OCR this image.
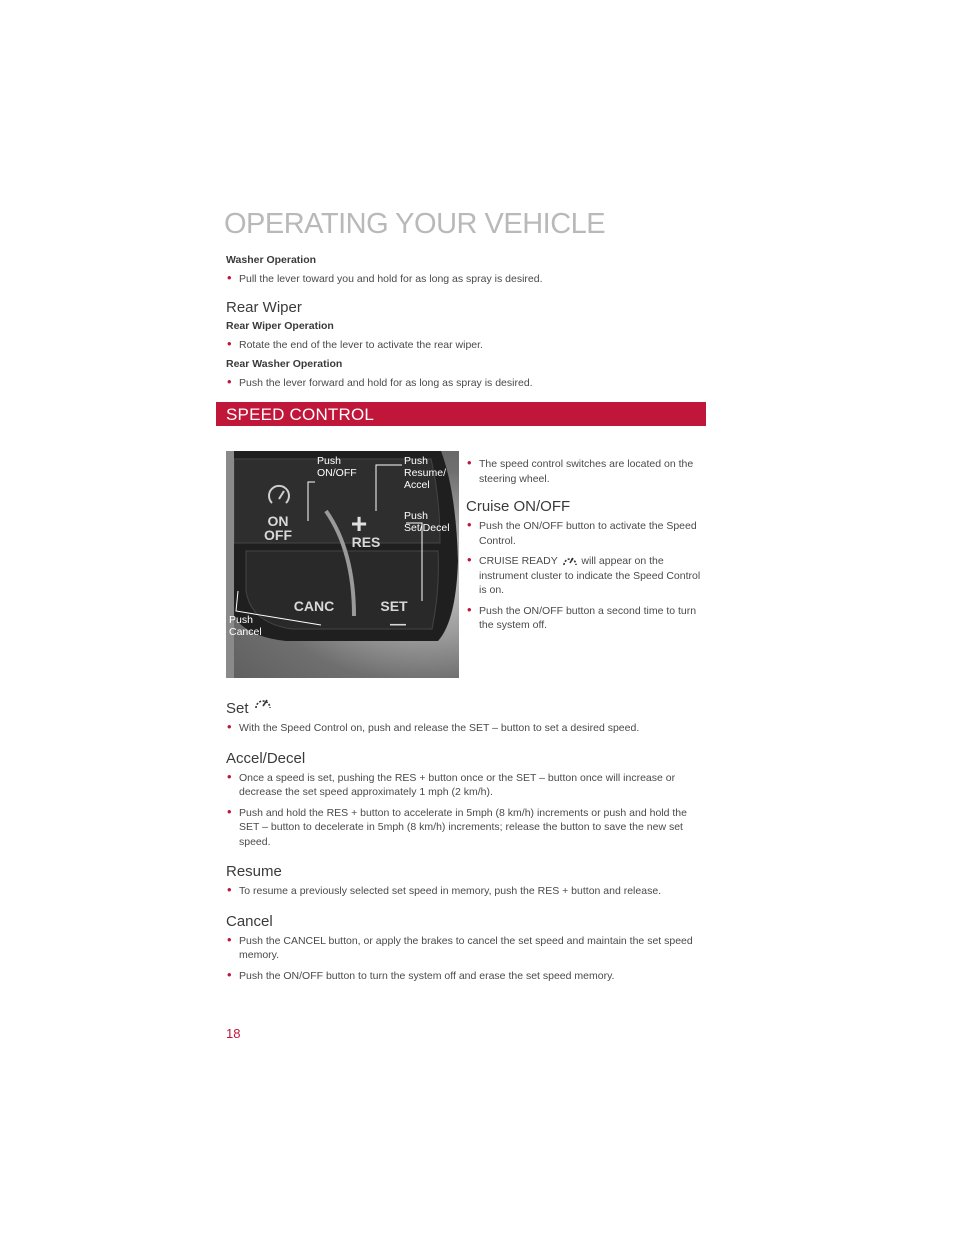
OPERATING YOUR VEHICLE
Washer Operation
• Pull the lever toward you and hold for as long as spray is desired.
Rear Wiper
Rear Wiper Operation
• Rotate the end of the lever to activate the rear wiper.
Rear Washer Operation
• Push the lever forward and hold for as long as spray is desired.
SPEED CONTROL
ON
OFF +
RES
CANC	SET
—
Push
ON/OFF
Push
Resume/
Accel
Push
Set/Decel
Push
Cancel
• The speed control switches are located on the steering wheel.
Cruise ON/OFF
• Push the ON/OFF button to activate the Speed Control.
• CRUISE READY will appear on the instrument cluster to indicate the Speed Control is on.
• Push the ON/OFF button a second time to turn the system off.
Set
• With the Speed Control on, push and release the SET – button to set a desired speed.
Accel/Decel
• Once a speed is set, pushing the RES + button once or the SET – button once will increase or decrease the set speed approximately 1 mph (2 km/h).
• Push and hold the RES + button to accelerate in 5mph (8 km/h) increments or push and hold the SET – button to decelerate in 5mph (8 km/h) increments; release the button to save the new set speed.
Resume
• To resume a previously selected set speed in memory, push the RES + button and release.
Cancel
• Push the CANCEL button, or apply the brakes to cancel the set speed and maintain the set speed memory.
• Push the ON/OFF button to turn the system off and erase the set speed memory.
18
